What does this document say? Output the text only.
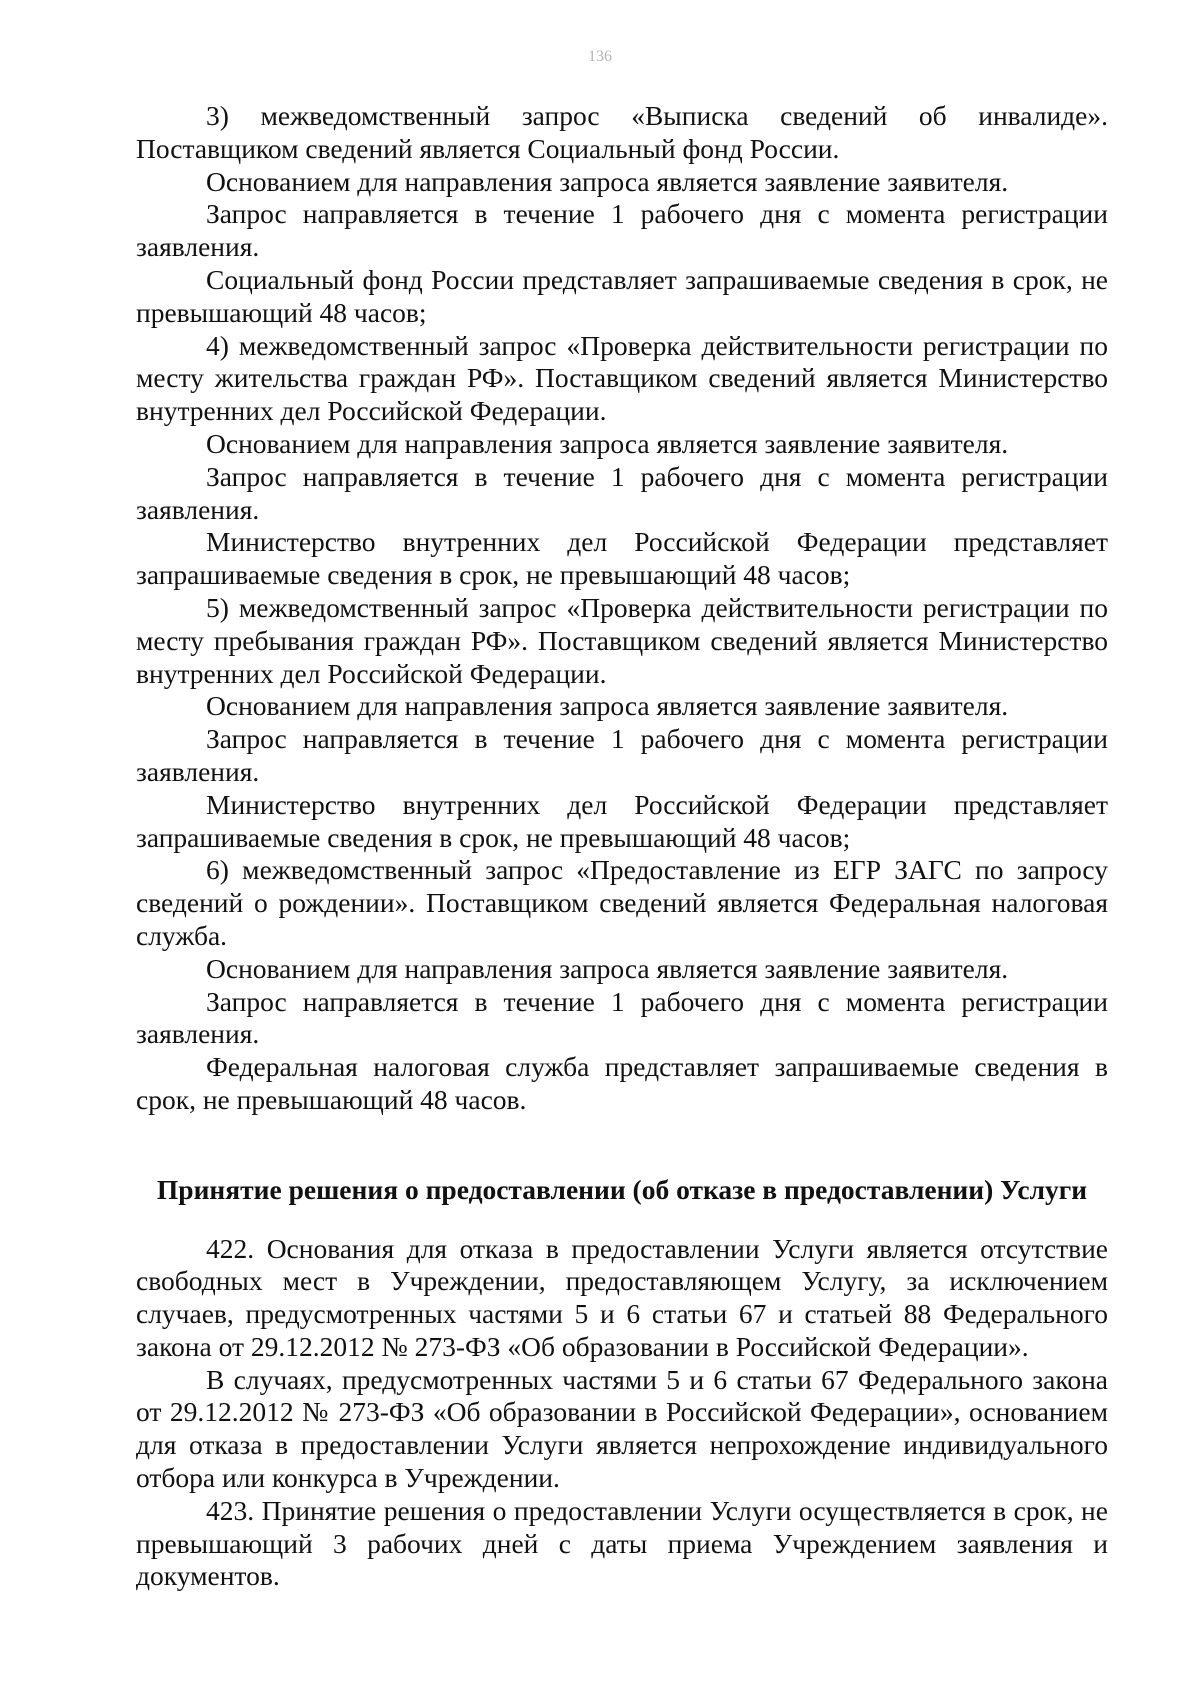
136

3) межведомственный запрос «Выписка сведений об инвалиде». Поставщиком сведений является Социальный фонд России.

Основанием для направления запроса является заявление заявителя.

Запрос направляется в течение 1 рабочего дня с момента регистрации заявления.

Социальный фонд России представляет запрашиваемые сведения в срок, не превышающий 48 часов;

4) межведомственный запрос «Проверка действительности регистрации по месту жительства граждан РФ». Поставщиком сведений является Министерство внутренних дел Российской Федерации.

Основанием для направления запроса является заявление заявителя.

Запрос направляется в течение 1 рабочего дня с момента регистрации заявления.

Министерство внутренних дел Российской Федерации представляет запрашиваемые сведения в срок, не превышающий 48 часов;

5) межведомственный запрос «Проверка действительности регистрации по месту пребывания граждан РФ». Поставщиком сведений является Министерство внутренних дел Российской Федерации.

Основанием для направления запроса является заявление заявителя.

Запрос направляется в течение 1 рабочего дня с момента регистрации заявления.

Министерство внутренних дел Российской Федерации представляет запрашиваемые сведения в срок, не превышающий 48 часов;

6) межведомственный запрос «Предоставление из ЕГР ЗАГС по запросу сведений о рождении». Поставщиком сведений является Федеральная налоговая служба.

Основанием для направления запроса является заявление заявителя.

Запрос направляется в течение 1 рабочего дня с момента регистрации заявления.

Федеральная налоговая служба представляет запрашиваемые сведения в срок, не превышающий 48 часов.

Принятие решения о предоставлении (об отказе в предоставлении) Услуги

422. Основания для отказа в предоставлении Услуги является отсутствие свободных мест в Учреждении, предоставляющем Услугу, за исключением случаев, предусмотренных частями 5 и 6 статьи 67 и статьей 88 Федерального закона от 29.12.2012 № 273-ФЗ «Об образовании в Российской Федерации».

В случаях, предусмотренных частями 5 и 6 статьи 67 Федерального закона от 29.12.2012 № 273-ФЗ «Об образовании в Российской Федерации», основанием для отказа в предоставлении Услуги является непрохождение индивидуального отбора или конкурса в Учреждении.

423. Принятие решения о предоставлении Услуги осуществляется в срок, не превышающий 3 рабочих дней с даты приема Учреждением заявления и документов.
